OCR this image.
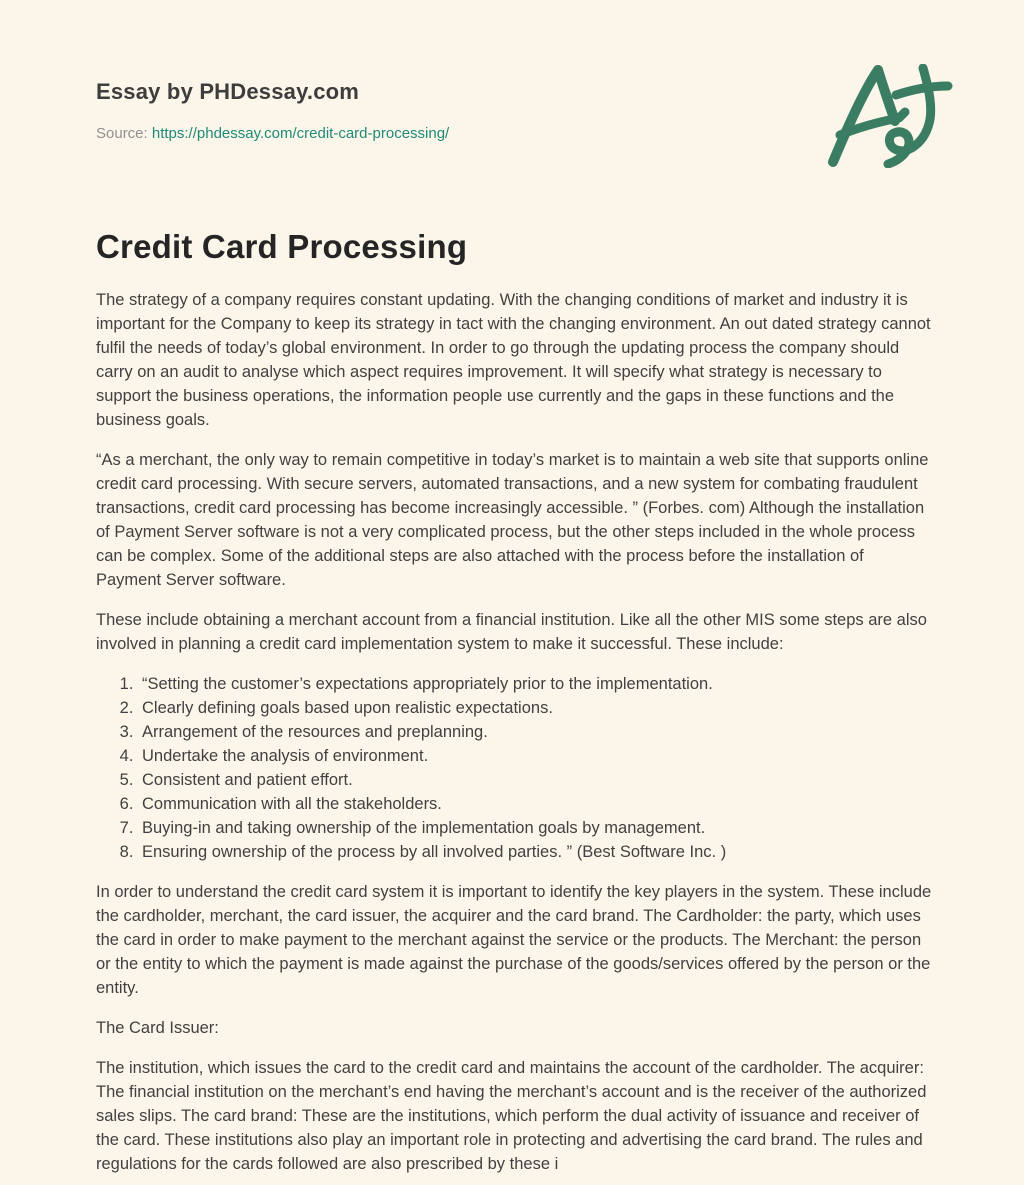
Essay by PHDessay.com

Source: https://phdessay.com/credit-card-processing/

Credit Card Processing

The strategy of a company requires constant updating. With the changing conditions of market and industry it is important for the Company to keep its strategy in tact with the changing environment. An out dated strategy cannot fulfil the needs of today’s global environment. In order to go through the updating process the company should carry on an audit to analyse which aspect requires improvement. It will specify what strategy is necessary to support the business operations, the information people use currently and the gaps in these functions and the business goals.

“As a merchant, the only way to remain competitive in today’s market is to maintain a web site that supports online credit card processing. With secure servers, automated transactions, and a new system for combating fraudulent transactions, credit card processing has become increasingly accessible. ” (Forbes. com) Although the installation of Payment Server software is not a very complicated process, but the other steps included in the whole process can be complex. Some of the additional steps are also attached with the process before the installation of Payment Server software.

These include obtaining a merchant account from a financial institution. Like all the other MIS some steps are also involved in planning a credit card implementation system to make it successful. These include:

1. “Setting the customer’s expectations appropriately prior to the implementation.
2. Clearly defining goals based upon realistic expectations.
3. Arrangement of the resources and preplanning.
4. Undertake the analysis of environment.
5. Consistent and patient effort.
6. Communication with all the stakeholders.
7. Buying-in and taking ownership of the implementation goals by management.
8. Ensuring ownership of the process by all involved parties. ” (Best Software Inc. )

In order to understand the credit card system it is important to identify the key players in the system. These include the cardholder, merchant, the card issuer, the acquirer and the card brand. The Cardholder: the party, which uses the card in order to make payment to the merchant against the service or the products. The Merchant: the person or the entity to which the payment is made against the purchase of the goods/services offered by the person or the entity.

The Card Issuer:

The institution, which issues the card to the credit card and maintains the account of the cardholder. The acquirer: The financial institution on the merchant’s end having the merchant’s account and is the receiver of the authorized sales slips. The card brand: These are the institutions, which perform the dual activity of issuance and receiver of the card. These institutions also play an important role in protecting and advertising the card brand. The rules and regulations for the cards followed are also prescribed by these i
